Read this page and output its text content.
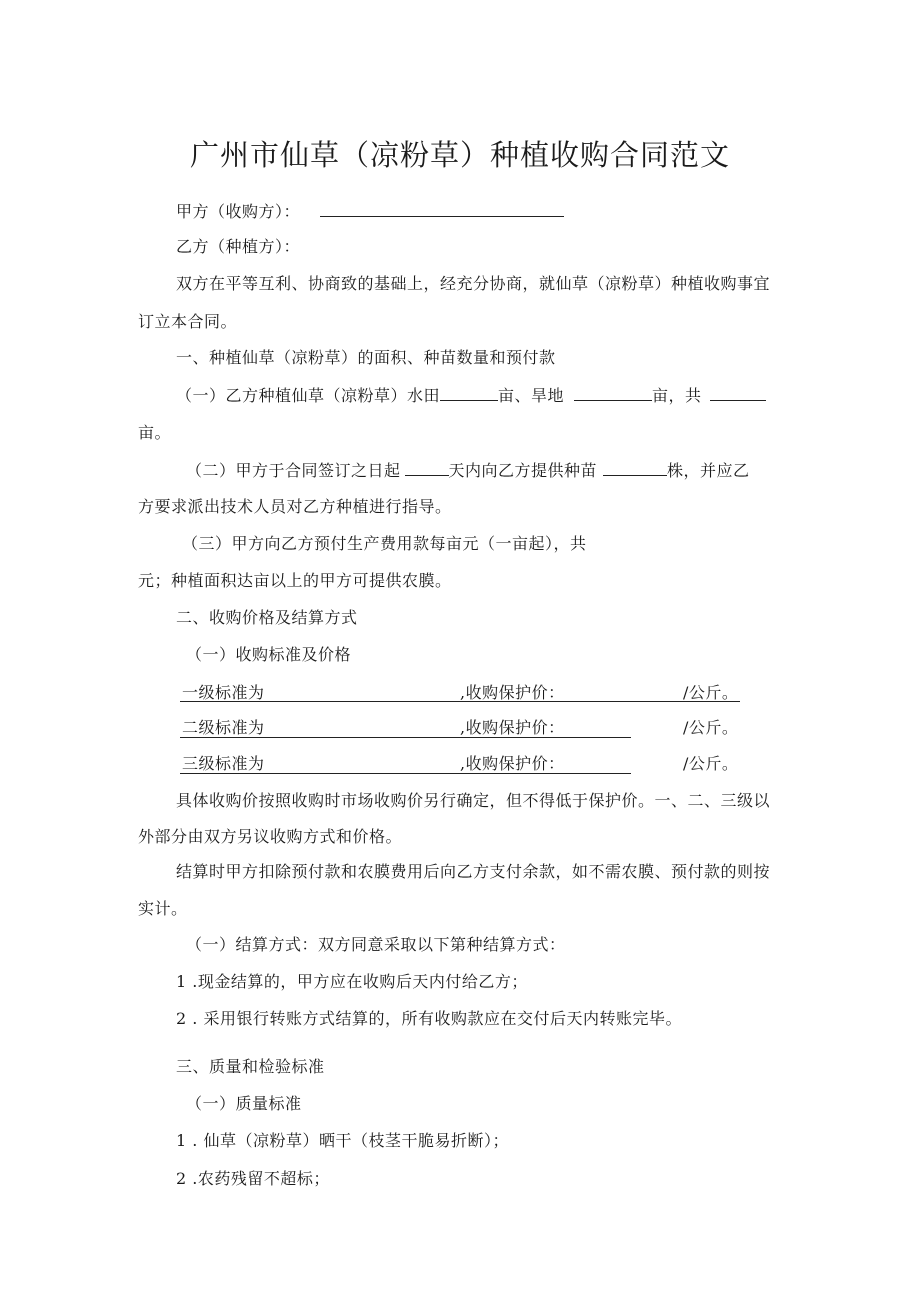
广州市仙草（凉粉草）种植收购合同范文
甲方（收购方）：
乙方（种植方）：
双方在平等互利、协商致的基础上，经充分协商，就仙草（凉粉草）种植收购事宜
订立本合同。
一、种植仙草（凉粉草）的面积、种苗数量和预付款
（一）乙方种植仙草（凉粉草）水田	亩、旱地	亩，共
亩。
（二）甲方于合同签订之日起	天内向乙方提供种苗	株，并应乙
方要求派出技术人员对乙方种植进行指导。
（三）甲方向乙方预付生产费用款每亩元（一亩起），共
元；种植面积达亩以上的甲方可提供农膜。
二、收购价格及结算方式
（一）收购标准及价格
一级标准为	,收购保护价：	/公斤。
二级标准为	,收购保护价：	/公斤。
三级标准为	,收购保护价：	/公斤。
具体收购价按照收购时市场收购价另行确定，但不得低于保护价。一、二、三级以
外部分由双方另议收购方式和价格。
结算时甲方扣除预付款和农膜费用后向乙方支付余款，如不需农膜、预付款的则按
实计。
（一）结算方式：双方同意采取以下第种结算方式：
1 .现金结算的，甲方应在收购后天内付给乙方；
2 . 采用银行转账方式结算的，所有收购款应在交付后天内转账完毕。
三、质量和检验标准
（一）质量标准
1 . 仙草（凉粉草）晒干（枝茎干脆易折断）；
2 .农药残留不超标；
